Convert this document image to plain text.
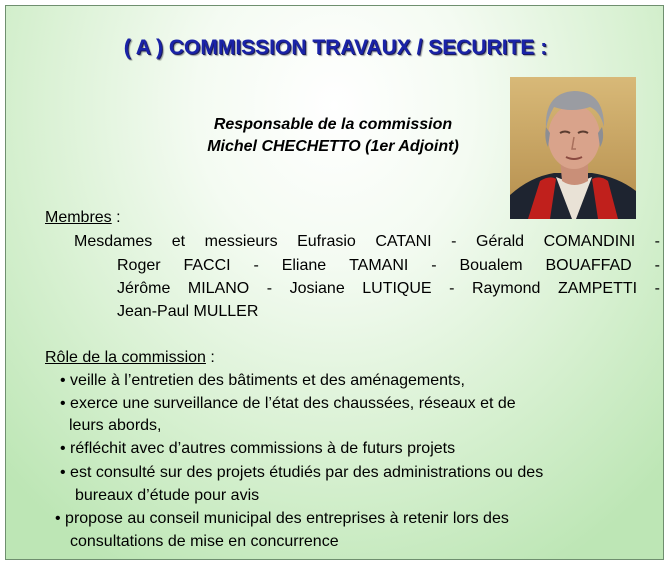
( A ) COMMISSION TRAVAUX / SECURITE :
Responsable de la commission
Michel CHECHETTO (1er Adjoint)
Membres :
Mesdames et messieurs Eufrasio CATANI - Gérald COMANDINI -
Roger FACCI - Eliane TAMANI - Boualem BOUAFFAD -
Jérôme MILANO - Josiane LUTIQUE - Raymond ZAMPETTI -
Jean-Paul MULLER
Rôle de la commission :
• veille à l’entretien des bâtiments et des aménagements,
• exerce une surveillance de l’état des chaussées, réseaux et de
leurs abords,
• réfléchit avec d’autres commissions à de futurs projets
• est consulté sur des projets étudiés par des administrations ou des
bureaux d’étude pour avis
• propose au conseil municipal des entreprises à retenir lors des
consultations de mise en concurrence
